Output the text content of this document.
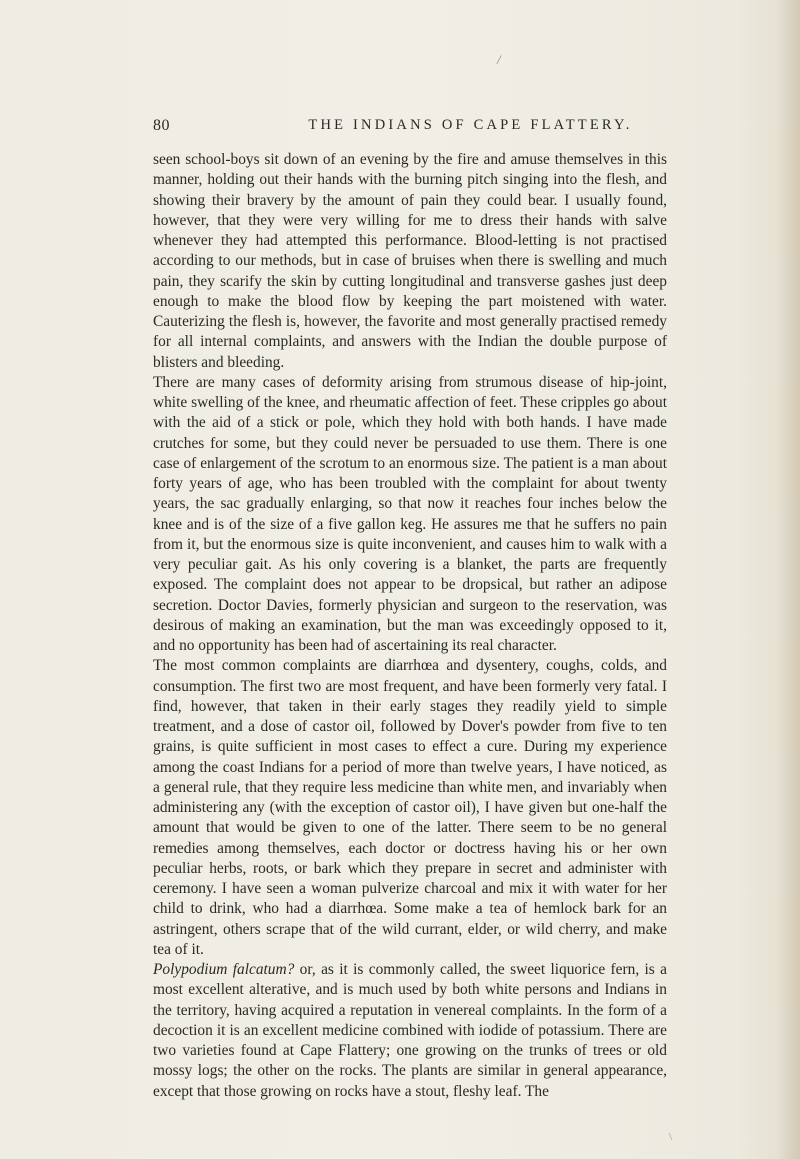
/
80	THE INDIANS OF CAPE FLATTERY.

seen school-boys sit down of an evening by the fire and amuse themselves in this manner, holding out their hands with the burning pitch singing into the flesh, and showing their bravery by the amount of pain they could bear. I usually found, however, that they were very willing for me to dress their hands with salve whenever they had attempted this performance. Blood-letting is not practised according to our methods, but in case of bruises when there is swelling and much pain, they scarify the skin by cutting longitudinal and transverse gashes just deep enough to make the blood flow by keeping the part moistened with water. Cauterizing the flesh is, however, the favorite and most generally practised remedy for all internal complaints, and answers with the Indian the double purpose of blisters and bleeding.

There are many cases of deformity arising from strumous disease of hip-joint, white swelling of the knee, and rheumatic affection of feet. These cripples go about with the aid of a stick or pole, which they hold with both hands. I have made crutches for some, but they could never be persuaded to use them. There is one case of enlargement of the scrotum to an enormous size. The patient is a man about forty years of age, who has been troubled with the complaint for about twenty years, the sac gradually enlarging, so that now it reaches four inches below the knee and is of the size of a five gallon keg. He assures me that he suffers no pain from it, but the enormous size is quite inconvenient, and causes him to walk with a very peculiar gait. As his only covering is a blanket, the parts are frequently exposed. The complaint does not appear to be dropsical, but rather an adipose secretion. Doctor Davies, formerly physician and surgeon to the reservation, was desirous of making an examination, but the man was exceedingly opposed to it, and no opportunity has been had of ascertaining its real character.

The most common complaints are diarrhœa and dysentery, coughs, colds, and consumption. The first two are most frequent, and have been formerly very fatal. I find, however, that taken in their early stages they readily yield to simple treatment, and a dose of castor oil, followed by Dover's powder from five to ten grains, is quite sufficient in most cases to effect a cure. During my experience among the coast Indians for a period of more than twelve years, I have noticed, as a general rule, that they require less medicine than white men, and invariably when administering any (with the exception of castor oil), I have given but one-half the amount that would be given to one of the latter. There seem to be no general remedies among themselves, each doctor or doctress having his or her own peculiar herbs, roots, or bark which they prepare in secret and administer with ceremony. I have seen a woman pulverize charcoal and mix it with water for her child to drink, who had a diarrhœa. Some make a tea of hemlock bark for an astringent, others scrape that of the wild currant, elder, or wild cherry, and make tea of it.

Polypodium falcatum? or, as it is commonly called, the sweet liquorice fern, is a most excellent alterative, and is much used by both white persons and Indians in the territory, having acquired a reputation in venereal complaints. In the form of a decoction it is an excellent medicine combined with iodide of potassium. There are two varieties found at Cape Flattery; one growing on the trunks of trees or old mossy logs; the other on the rocks. The plants are similar in general appearance, except that those growing on rocks have a stout, fleshy leaf. The

\
